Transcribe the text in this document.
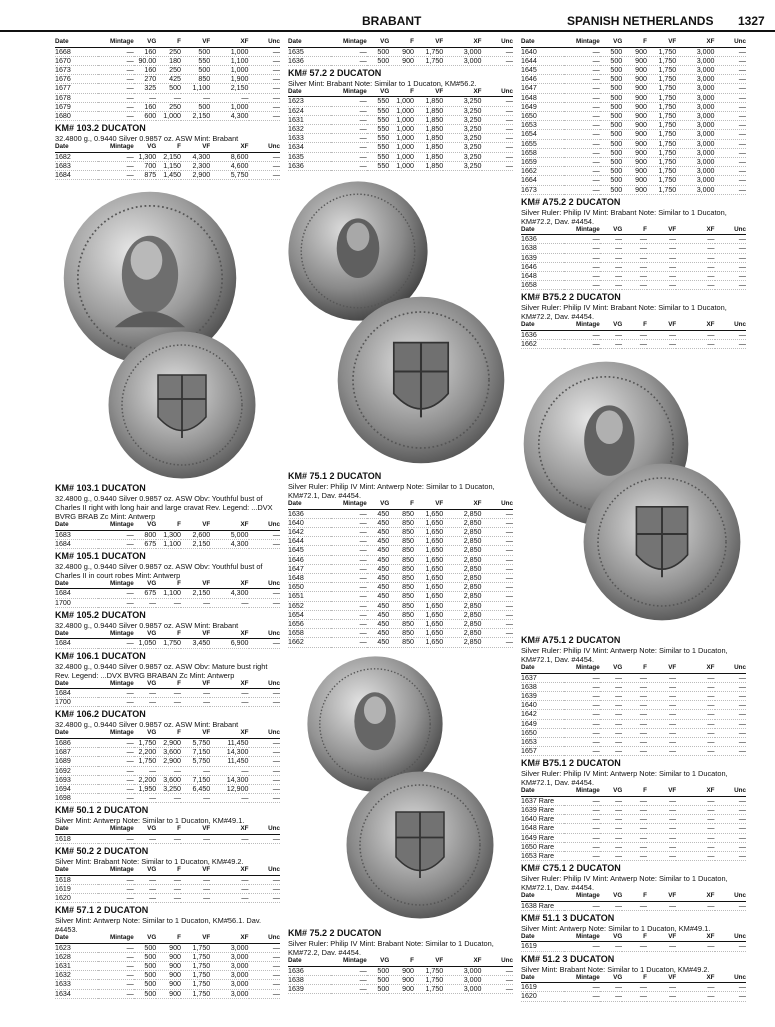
BRABANT	SPANISH NETHERLANDS 1327
Date	Mintage	VG	F	VF	XF	Unc
1668	—	160	250	500	1,000	—
1670	—	90.00	180	550	1,100	—
1673	—	160	250	500	1,000	—
1676	—	270	425	850	1,900	—
1677	—	325	500	1,100	2,150	—
1678	—	—	—	—	—	—
1679	—	160	250	500	1,000	—
1680	—	600	1,000	2,150	4,300	—
KM# 103.2 DUCATON
32.4800 g., 0.9440 Silver 0.9857 oz. ASW Mint: Brabant
Date	Mintage	VG	F	VF	XF	Unc
1682	—	1,300	2,150	4,300	8,600	—
1683	—	700	1,150	2,300	4,600	—
1684	—	875	1,450	2,900	5,750	—
KM# 103.1 DUCATON
32.4800 g., 0.9440 Silver 0.9857 oz. ASW Obv: Youthful bust of Charles II right with long hair and large cravat Rev. Legend: ...DVX BVRG BRAB Zc Mint: Antwerp
Date	Mintage	VG	F	VF	XF	Unc
1683	—	800	1,300	2,600	5,000	—
1684	—	675	1,100	2,150	4,300	—
KM# 105.1 DUCATON
32.4800 g., 0.9440 Silver 0.9857 oz. ASW Obv: Youthful bust of Charles II in court robes Mint: Antwerp
Date	Mintage	VG	F	VF	XF	Unc
1684	—	675	1,100	2,150	4,300	—
1700	—	—	—	—	—	—
KM# 105.2 DUCATON
32.4800 g., 0.9440 Silver 0.9857 oz. ASW Mint: Brabant
Date	Mintage	VG	F	VF	XF	Unc
1684	—	1,050	1,750	3,450	6,900	—
KM# 106.1 DUCATON
32.4800 g., 0.9440 Silver 0.9857 oz. ASW Obv: Mature bust right Rev. Legend: ...DVX BVRG BRABAN Zc Mint: Antwerp
Date	Mintage	VG	F	VF	XF	Unc
1684	—	—	—	—	—	—
1700	—	—	—	—	—	—
KM# 106.2 DUCATON
32.4800 g., 0.9440 Silver 0.9857 oz. ASW Mint: Brabant
Date	Mintage	VG	F	VF	XF	Unc
1686	—	1,750	2,900	5,750	11,450	—
1687	—	2,200	3,600	7,150	14,300	—
1689	—	1,750	2,900	5,750	11,450	—
1692	—	—	—	—	—	—
1693	—	2,200	3,600	7,150	14,300	—
1694	—	1,950	3,250	6,450	12,900	—
1698	—	—	—	—	—	—
KM# 50.1 2 DUCATON
Silver Mint: Antwerp Note: Similar to 1 Ducaton, KM#49.1.
Date	Mintage	VG	F	VF	XF	Unc
1618	—	—	—	—	—	—
KM# 50.2 2 DUCATON
Silver Mint: Brabant Note: Similar to 1 Ducaton, KM#49.2.
Date	Mintage	VG	F	VF	XF	Unc
1618	—	—	—	—	—	—
1619	—	—	—	—	—	—
1620	—	—	—	—	—	—
KM# 57.1 2 DUCATON
Silver Mint: Antwerp Note: Similar to 1 Ducaton, KM#56.1. Dav. #4453.
Date	Mintage	VG	F	VF	XF	Unc
1623	—	500	900	1,750	3,000	—
1628	—	500	900	1,750	3,000	—
1631	—	500	900	1,750	3,000	—
1632	—	500	900	1,750	3,000	—
1633	—	500	900	1,750	3,000	—
1634	—	500	900	1,750	3,000	—
Date	Mintage	VG	F	VF	XF	Unc
1635	—	500	900	1,750	3,000	—
1636	—	500	900	1,750	3,000	—
KM# 57.2 2 DUCATON
Silver Mint: Brabant Note: Similar to 1 Ducaton, KM#56.2.
Date	Mintage	VG	F	VF	XF	Unc
1623	—	550	1,000	1,850	3,250	—
1624	—	550	1,000	1,850	3,250	—
1631	—	550	1,000	1,850	3,250	—
1632	—	550	1,000	1,850	3,250	—
1633	—	550	1,000	1,850	3,250	—
1634	—	550	1,000	1,850	3,250	—
1635	—	550	1,000	1,850	3,250	—
1636	—	550	1,000	1,850	3,250	—
KM# 75.1 2 DUCATON
Silver Ruler: Philip IV Mint: Antwerp Note: Similar to 1 Ducaton, KM#72.1, Dav. #4454.
Date	Mintage	VG	F	VF	XF	Unc
1636	—	450	850	1,650	2,850	—
1640	—	450	850	1,650	2,850	—
1642	—	450	850	1,650	2,850	—
1644	—	450	850	1,650	2,850	—
1645	—	450	850	1,650	2,850	—
1646	—	450	850	1,650	2,850	—
1647	—	450	850	1,650	2,850	—
1648	—	450	850	1,650	2,850	—
1650	—	450	850	1,650	2,850	—
1651	—	450	850	1,650	2,850	—
1652	—	450	850	1,650	2,850	—
1654	—	450	850	1,650	2,850	—
1656	—	450	850	1,650	2,850	—
1658	—	450	850	1,650	2,850	—
1662	—	450	850	1,650	2,850	—
KM# 75.2 2 DUCATON
Silver Ruler: Philip IV Mint: Brabant Note: Similar to 1 Ducaton, KM#72.2, Dav. #4454.
Date	Mintage	VG	F	VF	XF	Unc
1636	—	500	900	1,750	3,000	—
1638	—	500	900	1,750	3,000	—
1639	—	500	900	1,750	3,000	—
Date	Mintage	VG	F	VF	XF	Unc
1640	—	500	900	1,750	3,000	—
1644	—	500	900	1,750	3,000	—
1645	—	500	900	1,750	3,000	—
1646	—	500	900	1,750	3,000	—
1647	—	500	900	1,750	3,000	—
1648	—	500	900	1,750	3,000	—
1649	—	500	900	1,750	3,000	—
1650	—	500	900	1,750	3,000	—
1653	—	500	900	1,750	3,000	—
1654	—	500	900	1,750	3,000	—
1655	—	500	900	1,750	3,000	—
1658	—	500	900	1,750	3,000	—
1659	—	500	900	1,750	3,000	—
1662	—	500	900	1,750	3,000	—
1664	—	500	900	1,750	3,000	—
1673	—	500	900	1,750	3,000	—
KM# A75.2 2 DUCATON
Silver Ruler: Philip IV Mint: Brabant Note: Similar to 1 Ducaton, KM#72.2, Dav. #4454.
Date	Mintage	VG	F	VF	XF	Unc
1636	—	—	—	—	—	—
1638	—	—	—	—	—	—
1639	—	—	—	—	—	—
1646	—	—	—	—	—	—
1648	—	—	—	—	—	—
1658	—	—	—	—	—	—
KM# B75.2 2 DUCATON
Silver Ruler: Philip IV Mint: Brabant Note: Similar to 1 Ducaton, KM#72.2, Dav. #4454.
Date	Mintage	VG	F	VF	XF	Unc
1636	—	—	—	—	—	—
1662	—	—	—	—	—	—
KM# A75.1 2 DUCATON
Silver Ruler: Philip IV Mint: Antwerp Note: Similar to 1 Ducaton, KM#72.1, Dav. #4454.
Date	Mintage	VG	F	VF	XF	Unc
1637	—	—	—	—	—	—
1638	—	—	—	—	—	—
1639	—	—	—	—	—	—
1640	—	—	—	—	—	—
1642	—	—	—	—	—	—
1649	—	—	—	—	—	—
1650	—	—	—	—	—	—
1653	—	—	—	—	—	—
1657	—	—	—	—	—	—
KM# B75.1 2 DUCATON
Silver Ruler: Philip IV Mint: Antwerp Note: Similar to 1 Ducaton, KM#72.1, Dav. #4454.
Date	Mintage	VG	F	VF	XF	Unc
1637 Rare	—	—	—	—	—	—
1639 Rare	—	—	—	—	—	—
1640 Rare	—	—	—	—	—	—
1648 Rare	—	—	—	—	—	—
1649 Rare	—	—	—	—	—	—
1650 Rare	—	—	—	—	—	—
1653 Rare	—	—	—	—	—	—
KM# C75.1 2 DUCATON
Silver Ruler: Philip IV Mint: Antwerp Note: Similar to 1 Ducaton, KM#72.1, Dav. #4454.
Date	Mintage	VG	F	VF	XF	Unc
1638 Rare	—	—	—	—	—	—
KM# 51.1 3 DUCATON
Silver Mint: Antwerp Note: Similar to 1 Ducaton, KM#49.1.
Date	Mintage	VG	F	VF	XF	Unc
1619	—	—	—	—	—	—
KM# 51.2 3 DUCATON
Silver Mint: Brabant Note: Similar to 1 Ducaton, KM#49.2.
Date	Mintage	VG	F	VF	XF	Unc
1619	—	—	—	—	—	—
1620	—	—	—	—	—	—
